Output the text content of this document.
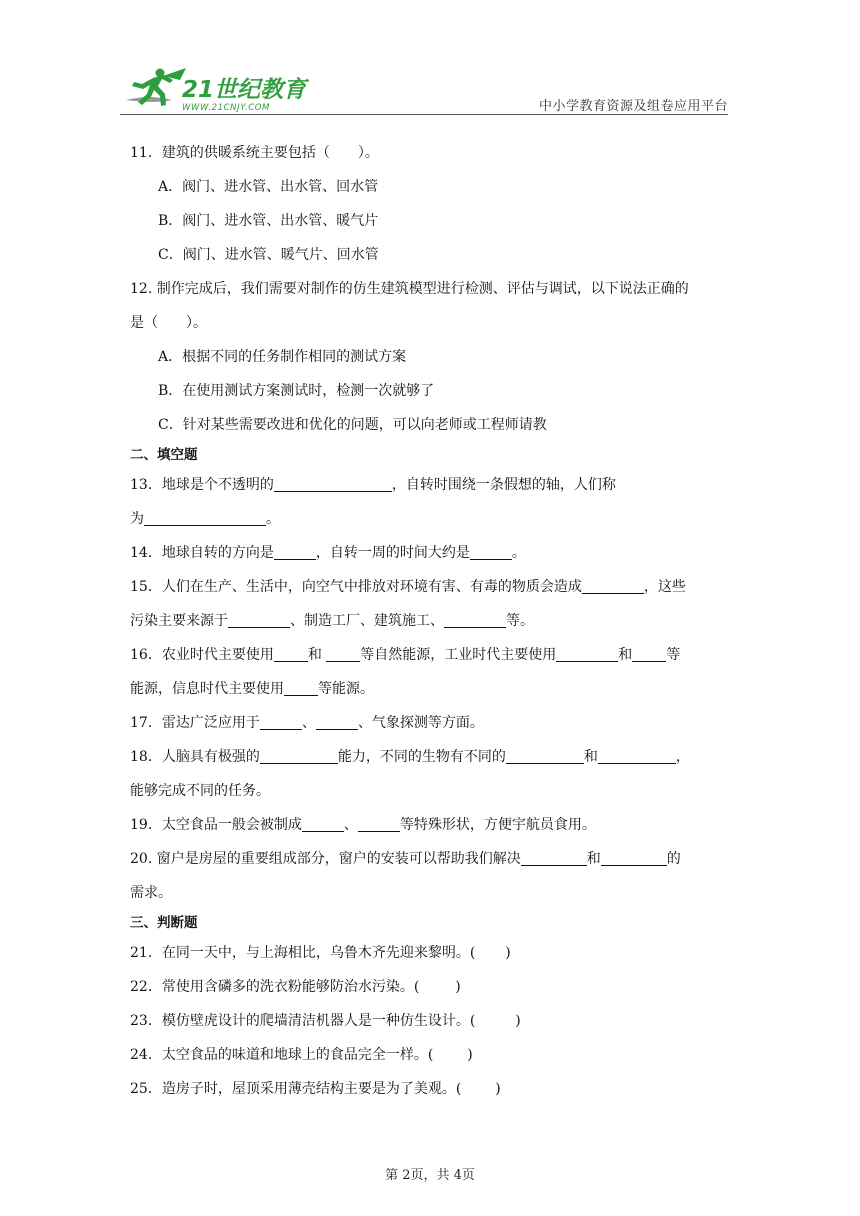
21世纪教育
WWW.21CNJY.COM	中小学教育资源及组卷应用平台
11．建筑的供暖系统主要包括（　　）。
A．阀门、进水管、出水管、回水管
B．阀门、进水管、出水管、暖气片
C．阀门、进水管、暖气片、回水管
12. 制作完成后，我们需要对制作的仿生建筑模型进行检测、评估与调试，以下说法正确的
是（　　）。
A．根据不同的任务制作相同的测试方案
B．在使用测试方案测试时，检测一次就够了
C．针对某些需要改进和优化的问题，可以向老师或工程师请教
二、填空题
13．地球是个不透明的	，自转时围绕一条假想的轴，人们称
为	。
14．地球自转的方向是	，自转一周的时间大约是	。
15．人们在生产、生活中，向空气中排放对环境有害、有毒的物质会造成	，这些
污染主要来源于	、制造工厂、建筑施工、	等。
16．农业时代主要使用 和 等自然能源，工业时代主要使用	和 等
能源，信息时代主要使用 等能源。
17．雷达广泛应用于	、	、气象探测等方面。
18．人脑具有极强的	能力，不同的生物有不同的	和	，
能够完成不同的任务。
19．太空食品一般会被制成	、	等特殊形状，方便宇航员食用。
20. 窗户是房屋的重要组成部分，窗户的安装可以帮助我们解决	和	的
需求。
三、判断题
21．在同一天中，与上海相比，乌鲁木齐先迎来黎明。( )
22．常使用含磷多的洗衣粉能够防治水污染。(	)
23．模仿壁虎设计的爬墙清洁机器人是一种仿生设计。(	)
24．太空食品的味道和地球上的食品完全一样。( )
25．造房子时，屋顶采用薄壳结构主要是为了美观。( )
第 2页，共 4页
